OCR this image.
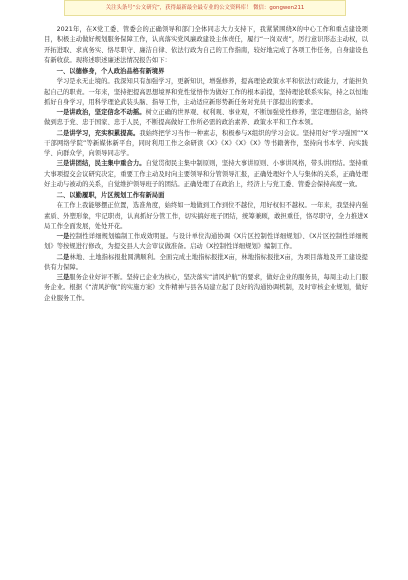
关注头条号“公文研究”，获得最新最全最专业的公文资料库！ 微信：gongwen211

2021年，在X党工委、管委会的正确领导和部门全体同志大力支持下，我紧紧围绕X的中心工作和重点建设项目，积极主动做好规划服务保障工作，认真落实党风廉政建设主体责任，履行“一岗双责”，厉行意识形态主动权，以开拓进取、求真务实、恪尽职守、廉洁自律、依法行政为自己的工作指南，较好地完成了各项工作任务，自身建设也有新收获。现将述职述廉述法情况报告如下：

一、以德修身，个人政治品格有新境界

学习是永无止境的。我深知只有加强学习，更新知识，增强修养，提高理论政策水平和依法行政能力，才能担负起自己的职责。一年来，坚持把提高思想境界和党性觉悟作为做好工作的根本前提，坚持理论联系实际，持之以恒地抓好自身学习，用科学理论武装头脑、指导工作，主动适应新形势新任务对党员干部提出的要求。

一是讲政治，坚定信念不动摇。树立正确的世界观、权利观、事业观，不断加强党性修养，坚定理想信念，始终做到忠于党、忠于国家、忠于人民，不断提高做好工作所必需的政治素养、政策水平和工作本领。

二是讲学习，充实积累提高。我始终把学习当作一种素志，积极参与X组织的学习会议。坚持用好“学习强国”“X干部网络学院”等新媒体新平台，同时利用工作之余研读《X》《X》《X》《X》等书籍著作，坚持向书本学、向实践学、向群众学，向领导同志学。

三是讲团结，民主集中重合力。自觉贯彻民主集中制原则，坚持大事讲原则、小事讲风格，带头讲团结。坚持重大事项提交会议研究决定，重要工作主动及时向主要领导和分管领导汇报，正确处理好个人与集体的关系，正确处理好主动与被动的关系，自觉维护领导班子的团结。正确处理了在政治上，经济上与党工委、管委会保持高度一致。

二、以勤履职，片区规划工作有新局面

在工作上我能够摆正位置，选准角度，始终如一地做到工作到位不越位，用好权但不越权。一年来，我坚持内强素质、外塑形象，牢记职责，认真抓好分管工作，切实搞好班子团结，统筹兼顾，敢担重任，恪尽职守，全力推进X局工作全面发展，处处开花。

一是控制性详细规划编制工作成效明显。与设计单位沟通协调《X片区控制性详细规划》、《X片区控制性详细规划》等按规进行修改，为提交县人大会审议做准备。启动《X控制性详细规划》编制工作。

二是林地、土地指标报批圆满顺利。全面完成土地指标报批X亩，林地指标报批X亩，为项目落地及开工建设提供有力保障。

三是服务企业好评不断。坚持已企业为核心，坚决落实“清风护航”的要求，做好企业的服务员，每周主动上门服务企业。根据《“清风护航”的实施方案》文件精神与县各局建立起了良好的沟通协调机制，及时审核企业规划，做好企业服务工作。
